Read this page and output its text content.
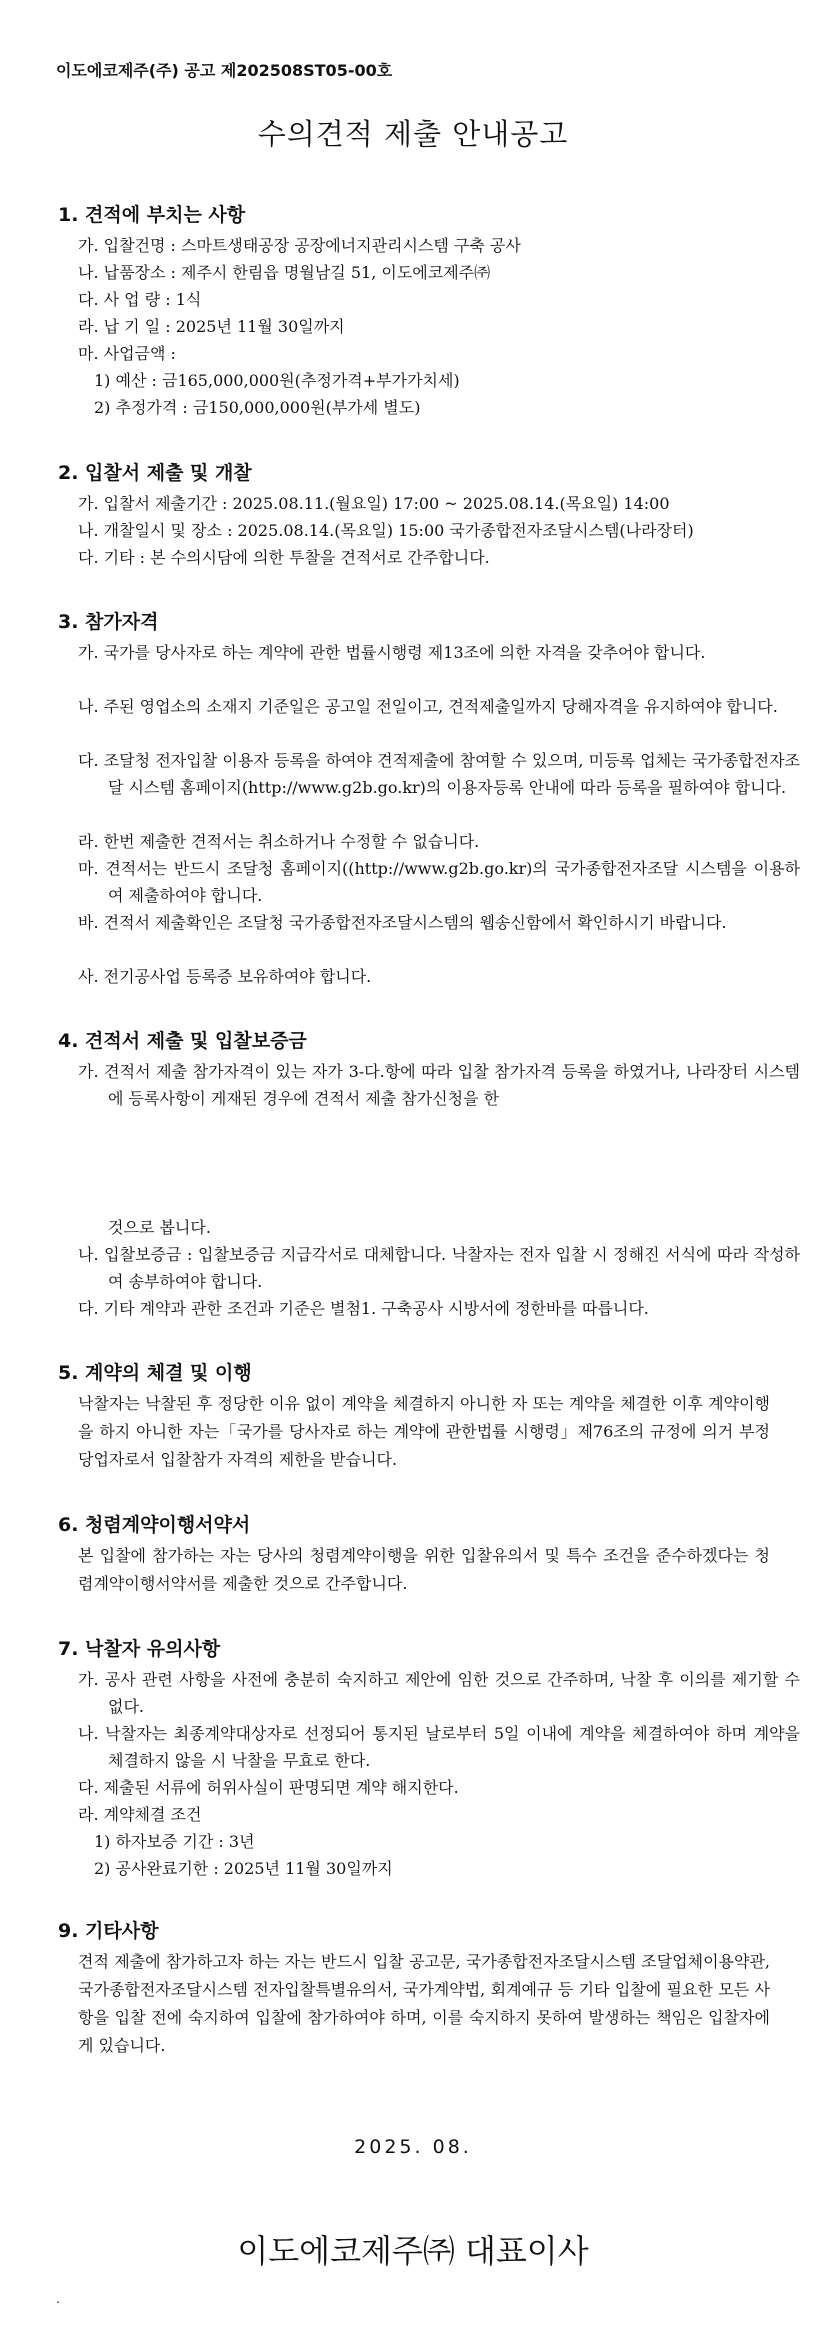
이도에코제주(주) 공고 제202508ST05-00호
수의견적 제출 안내공고
1. 견적에 부치는 사항
가. 입찰건명 : 스마트생태공장 공장에너지관리시스템 구축 공사
나. 납품장소 : 제주시 한림읍 명월남길 51, 이도에코제주㈜
다. 사 업 량 : 1식
라. 납 기 일 : 2025년 11월 30일까지
마. 사업금액 :
1) 예산 : 금165,000,000원(추정가격+부가가치세)
2) 추정가격 : 금150,000,000원(부가세 별도)
2. 입찰서 제출 및 개찰
가. 입찰서 제출기간 : 2025.08.11.(월요일) 17:00 ~ 2025.08.14.(목요일) 14:00
나. 개찰일시 및 장소 : 2025.08.14.(목요일) 15:00 국가종합전자조달시스템(나라장터)
다. 기타 : 본 수의시담에 의한 투찰을 견적서로 간주합니다.
3. 참가자격
가. 국가를 당사자로 하는 계약에 관한 법률시행령 제13조에 의한 자격을 갖추어야 합니다.
나. 주된 영업소의 소재지 기준일은 공고일 전일이고, 견적제출일까지 당해자격을 유지하여야 합니다.
다. 조달청 전자입찰 이용자 등록을 하여야 견적제출에 참여할 수 있으며, 미등록 업체는 국가종합전자조달 시스템 홈페이지(http://www.g2b.go.kr)의 이용자등록 안내에 따라 등록을 필하여야 합니다.
라. 한번 제출한 견적서는 취소하거나 수정할 수 없습니다.
마. 견적서는 반드시 조달청 홈페이지((http://www.g2b.go.kr)의 국가종합전자조달 시스템을 이용하여 제출하여야 합니다.
바. 견적서 제출확인은 조달청 국가종합전자조달시스템의 웹송신함에서 확인하시기 바랍니다.
사. 전기공사업 등록증 보유하여야 합니다.
4. 견적서 제출 및 입찰보증금
가. 견적서 제출 참가자격이 있는 자가 3-다.항에 따라 입찰 참가자격 등록을 하였거나, 나라장터 시스템에 등록사항이 게재된 경우에 견적서 제출 참가신청을 한
것으로 봅니다.
나. 입찰보증금 : 입찰보증금 지급각서로 대체합니다. 낙찰자는 전자 입찰 시 정해진 서식에 따라 작성하여 송부하여야 합니다.
다. 기타 계약과 관한 조건과 기준은 별첨1. 구축공사 시방서에 정한바를 따릅니다.
5. 계약의 체결 및 이행
낙찰자는 낙찰된 후 정당한 이유 없이 계약을 체결하지 아니한 자 또는 계약을 체결한 이후 계약이행을 하지 아니한 자는「국가를 당사자로 하는 계약에 관한법률 시행령」제76조의 규정에 의거 부정당업자로서 입찰참가 자격의 제한을 받습니다.
6. 청렴계약이행서약서
본 입찰에 참가하는 자는 당사의 청렴계약이행을 위한 입찰유의서 및 특수 조건을 준수하겠다는 청렴계약이행서약서를 제출한 것으로 간주합니다.
7. 낙찰자 유의사항
가. 공사 관련 사항을 사전에 충분히 숙지하고 제안에 임한 것으로 간주하며, 낙찰 후 이의를 제기할 수 없다.
나. 낙찰자는 최종계약대상자로 선정되어 통지된 날로부터 5일 이내에 계약을 체결하여야 하며 계약을 체결하지 않을 시 낙찰을 무효로 한다.
다. 제출된 서류에 허위사실이 판명되면 계약 해지한다.
라. 계약체결 조건
1) 하자보증 기간 : 3년
2) 공사완료기한 : 2025년 11월 30일까지
9. 기타사항
견적 제출에 참가하고자 하는 자는 반드시 입찰 공고문, 국가종합전자조달시스템 조달업체이용약관, 국가종합전자조달시스템 전자입찰특별유의서, 국가계약법, 회계예규 등 기타 입찰에 필요한 모든 사항을 입찰 전에 숙지하여 입찰에 참가하여야 하며, 이를 숙지하지 못하여 발생하는 책임은 입찰자에게 있습니다.
2025. 08.
이도에코제주㈜ 대표이사
.
